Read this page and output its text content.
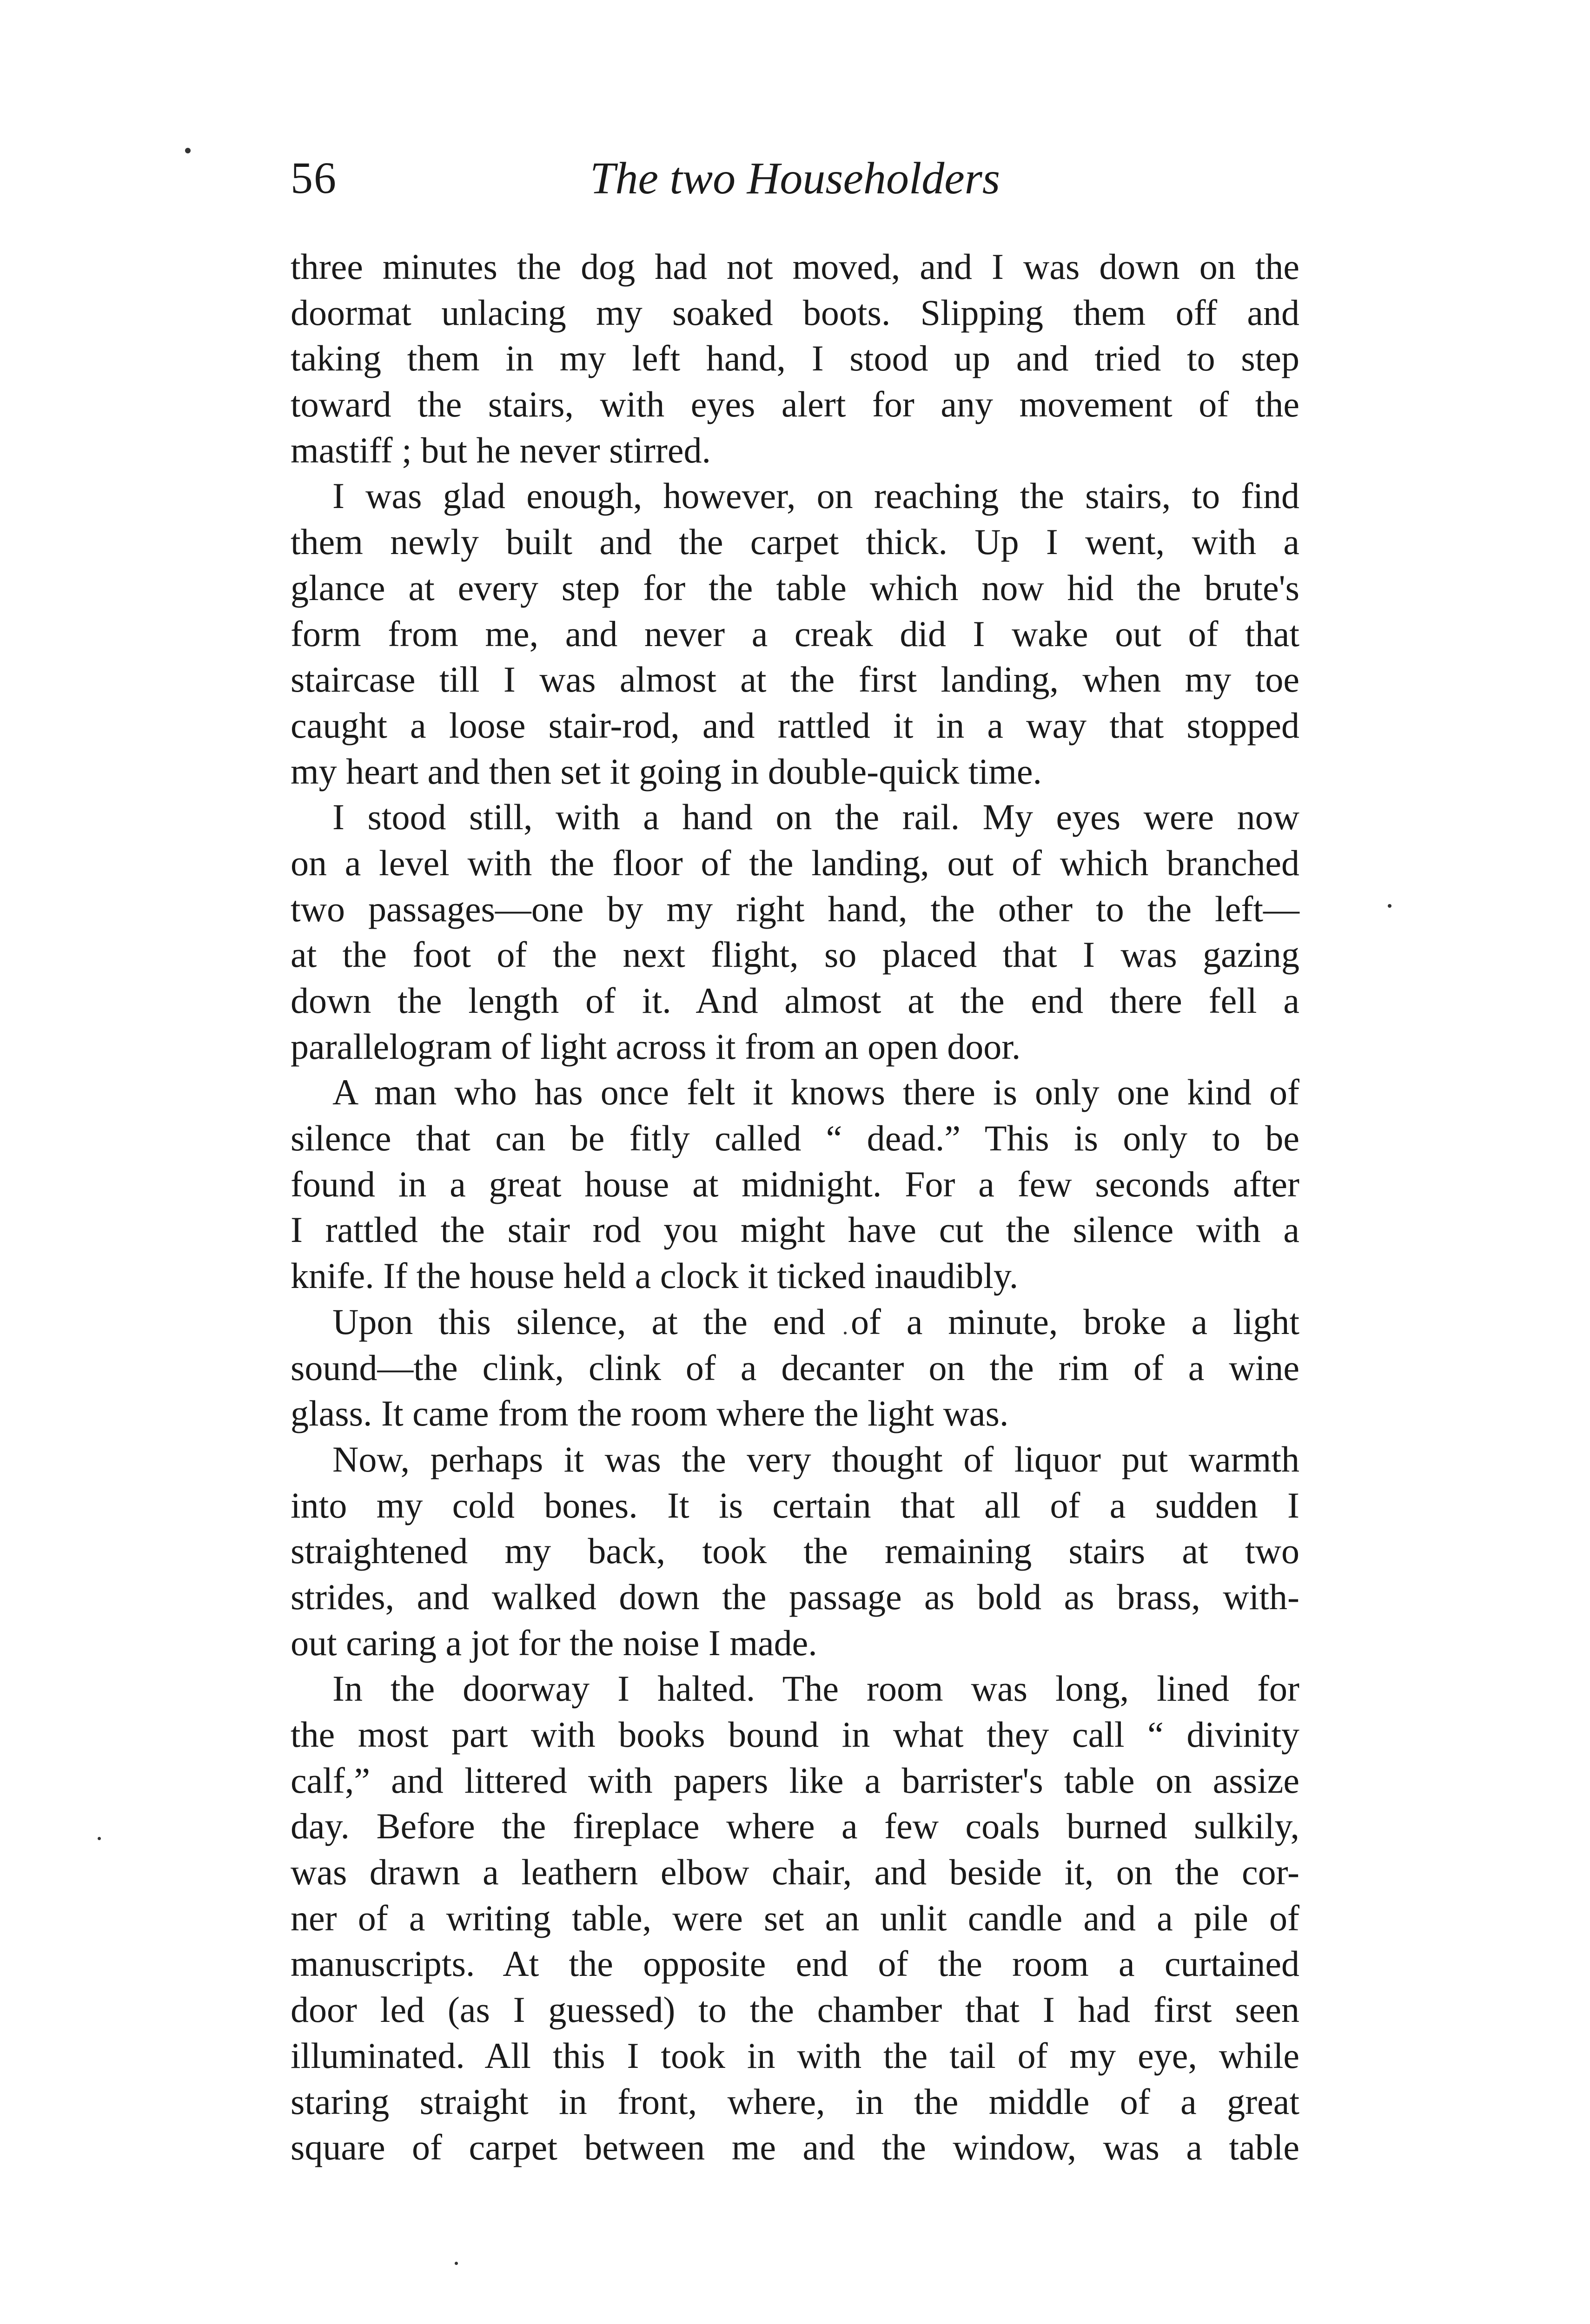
56	The two Householders
three minutes the dog had not moved, and I was down on the
doormat unlacing my soaked boots. Slipping them off and
taking them in my left hand, I stood up and tried to step
toward the stairs, with eyes alert for any movement of the
mastiff ; but he never stirred.
I was glad enough, however, on reaching the stairs, to find
them newly built and the carpet thick. Up I went, with a
glance at every step for the table which now hid the brute's
form from me, and never a creak did I wake out of that
staircase till I was almost at the first landing, when my toe
caught a loose stair-rod, and rattled it in a way that stopped
my heart and then set it going in double-quick time.
I stood still, with a hand on the rail. My eyes were now
on a level with the floor of the landing, out of which branched
two passages—one by my right hand, the other to the left—
at the foot of the next flight, so placed that I was gazing
down the length of it. And almost at the end there fell a
parallelogram of light across it from an open door.
A man who has once felt it knows there is only one kind of
silence that can be fitly called “ dead.” This is only to be
found in a great house at midnight. For a few seconds after
I rattled the stair rod you might have cut the silence with a
knife. If the house held a clock it ticked inaudibly.
Upon this silence, at the end of a minute, broke a light
sound—the clink, clink of a decanter on the rim of a wine
glass. It came from the room where the light was.
Now, perhaps it was the very thought of liquor put warmth
into my cold bones. It is certain that all of a sudden I
straightened my back, took the remaining stairs at two
strides, and walked down the passage as bold as brass, with-
out caring a jot for the noise I made.
In the doorway I halted. The room was long, lined for
the most part with books bound in what they call “ divinity
calf,” and littered with papers like a barrister's table on assize
day. Before the fireplace where a few coals burned sulkily,
was drawn a leathern elbow chair, and beside it, on the cor-
ner of a writing table, were set an unlit candle and a pile of
manuscripts. At the opposite end of the room a curtained
door led (as I guessed) to the chamber that I had first seen
illuminated. All this I took in with the tail of my eye, while
staring straight in front, where, in the middle of a great
square of carpet between me and the window, was a table
